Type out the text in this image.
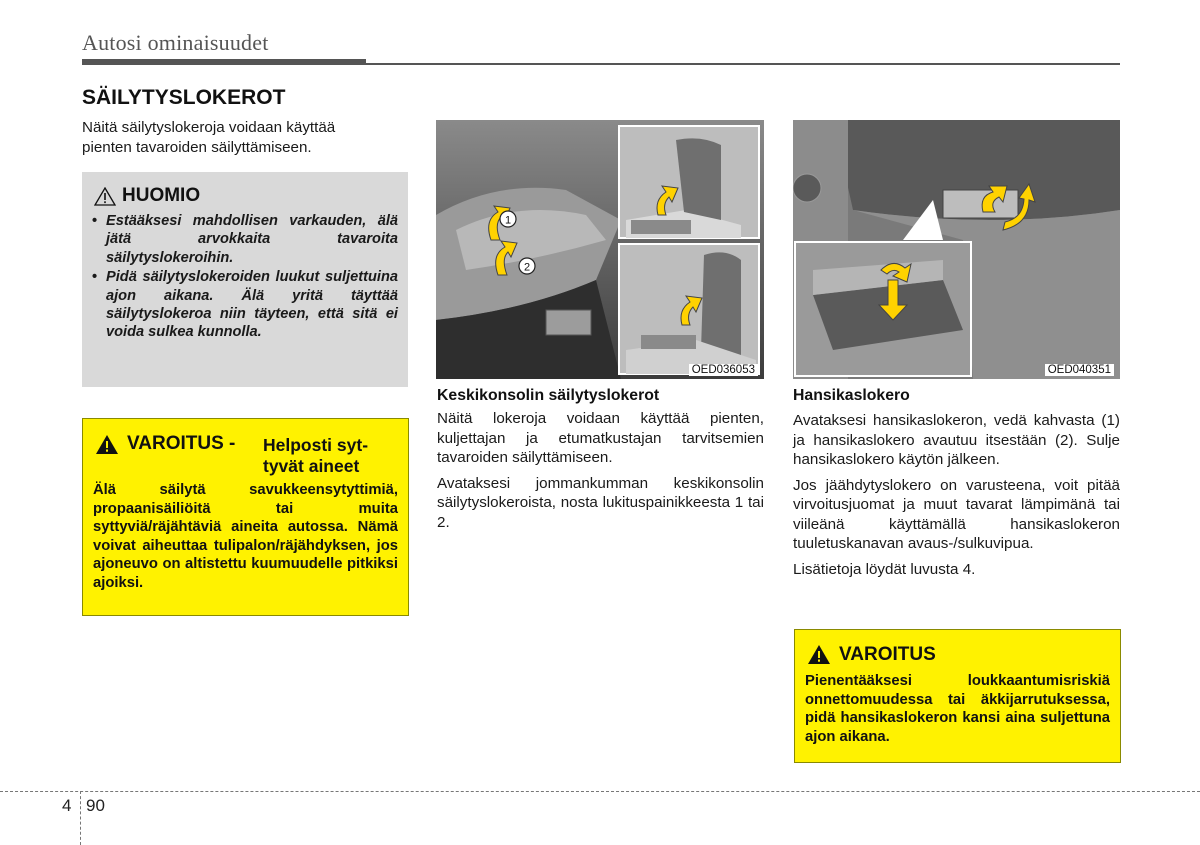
Autosi ominaisuudet
SÄILYTYSLOKEROT
Näitä säilytyslokeroja voidaan käyttää
pienten tavaroiden säilyttämiseen.
HUOMIO
• Estääksesi mahdollisen varkauden, älä jätä arvokkaita tavaroita säilytyslokeroihin.
• Pidä säilytyslokeroiden luukut suljettuina ajon aikana. Älä yritä täyttää säilytyslokeroa niin täyteen, että sitä ei voida sulkea kunnolla.
VAROITUS - Helposti syt-
tyvät aineet
Älä säilytä savukkeensytyttimiä, propaanisäiliöitä tai muita syttyviä/räjähtäviä aineita autossa. Nämä voivat aiheuttaa tulipalon/räjähdyksen, jos ajoneuvo on altistettu kuumuudelle pitkiksi ajoiksi.
1
2
OED036053	OED040351
Keskikonsolin säilytyslokerot

Näitä lokeroja voidaan käyttää pienten, kuljettajan ja etumatkustajan tarvitsemien tavaroiden säilyttämiseen.

Avataksesi jommankumman keskikonsolin säilytyslokeroista, nosta lukituspainikkeesta 1 tai 2.

Hansikaslokero

Avataksesi hansikaslokeron, vedä kahvasta (1) ja hansikaslokero avautuu itsestään (2). Sulje hansikaslokero käytön jälkeen.

Jos jäähdytyslokero on varusteena, voit pitää virvoitusjuomat ja muut tavarat lämpimänä tai viileänä käyttämällä hansikaslokeron tuuletuskanavan avaus-/sulkuvipua.

Lisätietoja löydät luvusta 4.

VAROITUS
Pienentääksesi loukkaantumisriskiä onnettomuudessa tai äkkijarrutuksessa, pidä hansikaslokeron kansi aina suljettuna ajon aikana.
4 90
